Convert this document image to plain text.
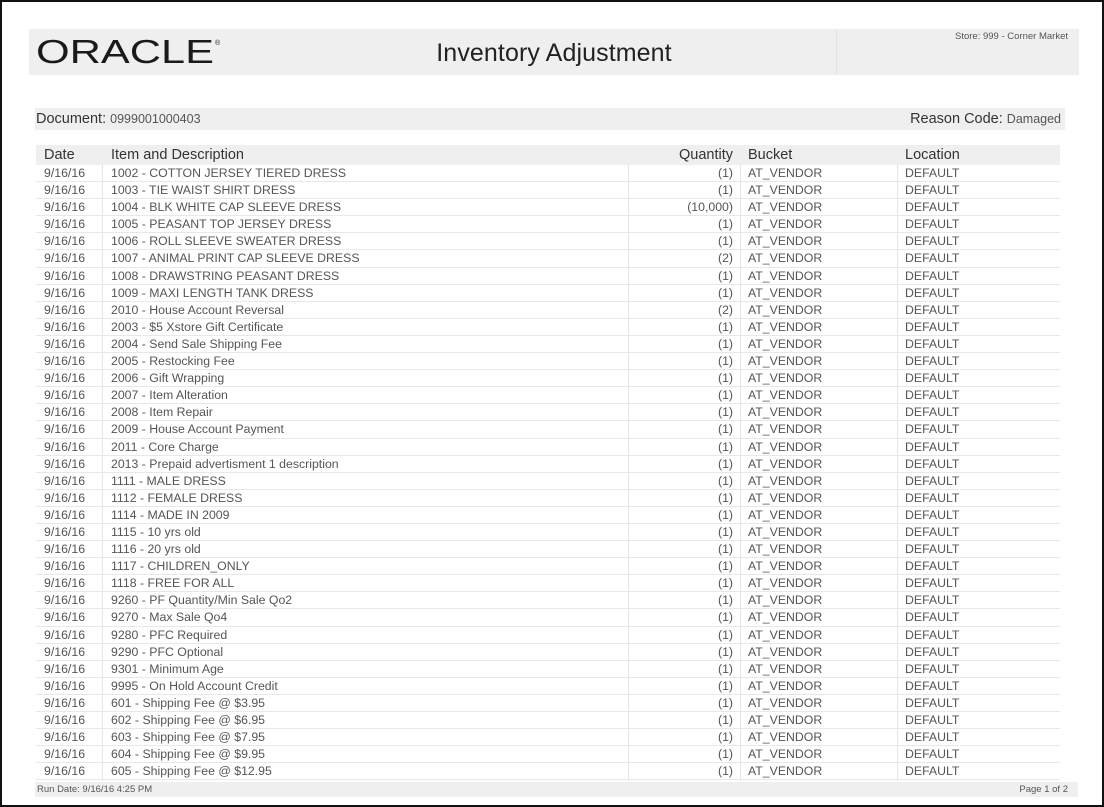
ORACLE ®	Inventory Adjustment
Store: 999 - Corner Market
Document: 0999001000403	Reason Code: Damaged
Date	Item and Description	Quantity Bucket	Location
9/16/16 1002 - COTTON JERSEY TIERED DRESS	(1) AT_VENDOR	DEFAULT
9/16/16 1003 - TIE WAIST SHIRT DRESS	(1) AT_VENDOR	DEFAULT
9/16/16 1004 - BLK WHITE CAP SLEEVE DRESS	(10,000) AT_VENDOR	DEFAULT
9/16/16 1005 - PEASANT TOP JERSEY DRESS	(1) AT_VENDOR	DEFAULT
9/16/16 1006 - ROLL SLEEVE SWEATER DRESS	(1) AT_VENDOR	DEFAULT
9/16/16 1007 - ANIMAL PRINT CAP SLEEVE DRESS	(2) AT_VENDOR	DEFAULT
9/16/16 1008 - DRAWSTRING PEASANT DRESS	(1) AT_VENDOR	DEFAULT
9/16/16 1009 - MAXI LENGTH TANK DRESS	(1) AT_VENDOR	DEFAULT
9/16/16 2010 - House Account Reversal	(2) AT_VENDOR	DEFAULT
9/16/16 2003 - $5 Xstore Gift Certificate	(1) AT_VENDOR	DEFAULT
9/16/16 2004 - Send Sale Shipping Fee	(1) AT_VENDOR	DEFAULT
9/16/16 2005 - Restocking Fee	(1) AT_VENDOR	DEFAULT
9/16/16 2006 - Gift Wrapping	(1) AT_VENDOR	DEFAULT
9/16/16 2007 - Item Alteration	(1) AT_VENDOR	DEFAULT
9/16/16 2008 - Item Repair	(1) AT_VENDOR	DEFAULT
9/16/16 2009 - House Account Payment	(1) AT_VENDOR	DEFAULT
9/16/16 2011 - Core Charge	(1) AT_VENDOR	DEFAULT
9/16/16 2013 - Prepaid advertisment 1 description	(1) AT_VENDOR	DEFAULT
9/16/16 1111 - MALE DRESS	(1) AT_VENDOR	DEFAULT
9/16/16 1112 - FEMALE DRESS	(1) AT_VENDOR	DEFAULT
9/16/16 1114 - MADE IN 2009	(1) AT_VENDOR	DEFAULT
9/16/16 1115 - 10 yrs old	(1) AT_VENDOR	DEFAULT
9/16/16 1116 - 20 yrs old	(1) AT_VENDOR	DEFAULT
9/16/16 1117 - CHILDREN_ONLY	(1) AT_VENDOR	DEFAULT
9/16/16 1118 - FREE FOR ALL	(1) AT_VENDOR	DEFAULT
9/16/16 9260 - PF Quantity/Min Sale Qo2	(1) AT_VENDOR	DEFAULT
9/16/16 9270 - Max Sale Qo4	(1) AT_VENDOR	DEFAULT
9/16/16 9280 - PFC Required	(1) AT_VENDOR	DEFAULT
9/16/16 9290 - PFC Optional	(1) AT_VENDOR	DEFAULT
9/16/16 9301 - Minimum Age	(1) AT_VENDOR	DEFAULT
9/16/16 9995 - On Hold Account Credit	(1) AT_VENDOR	DEFAULT
9/16/16 601 - Shipping Fee @ $3.95	(1) AT_VENDOR	DEFAULT
9/16/16 602 - Shipping Fee @ $6.95	(1) AT_VENDOR	DEFAULT
9/16/16 603 - Shipping Fee @ $7.95	(1) AT_VENDOR	DEFAULT
9/16/16 604 - Shipping Fee @ $9.95	(1) AT_VENDOR	DEFAULT
9/16/16 605 - Shipping Fee @ $12.95	(1) AT_VENDOR	DEFAULT
Run Date: 9/16/16 4:25 PM	Page 1 of 2
